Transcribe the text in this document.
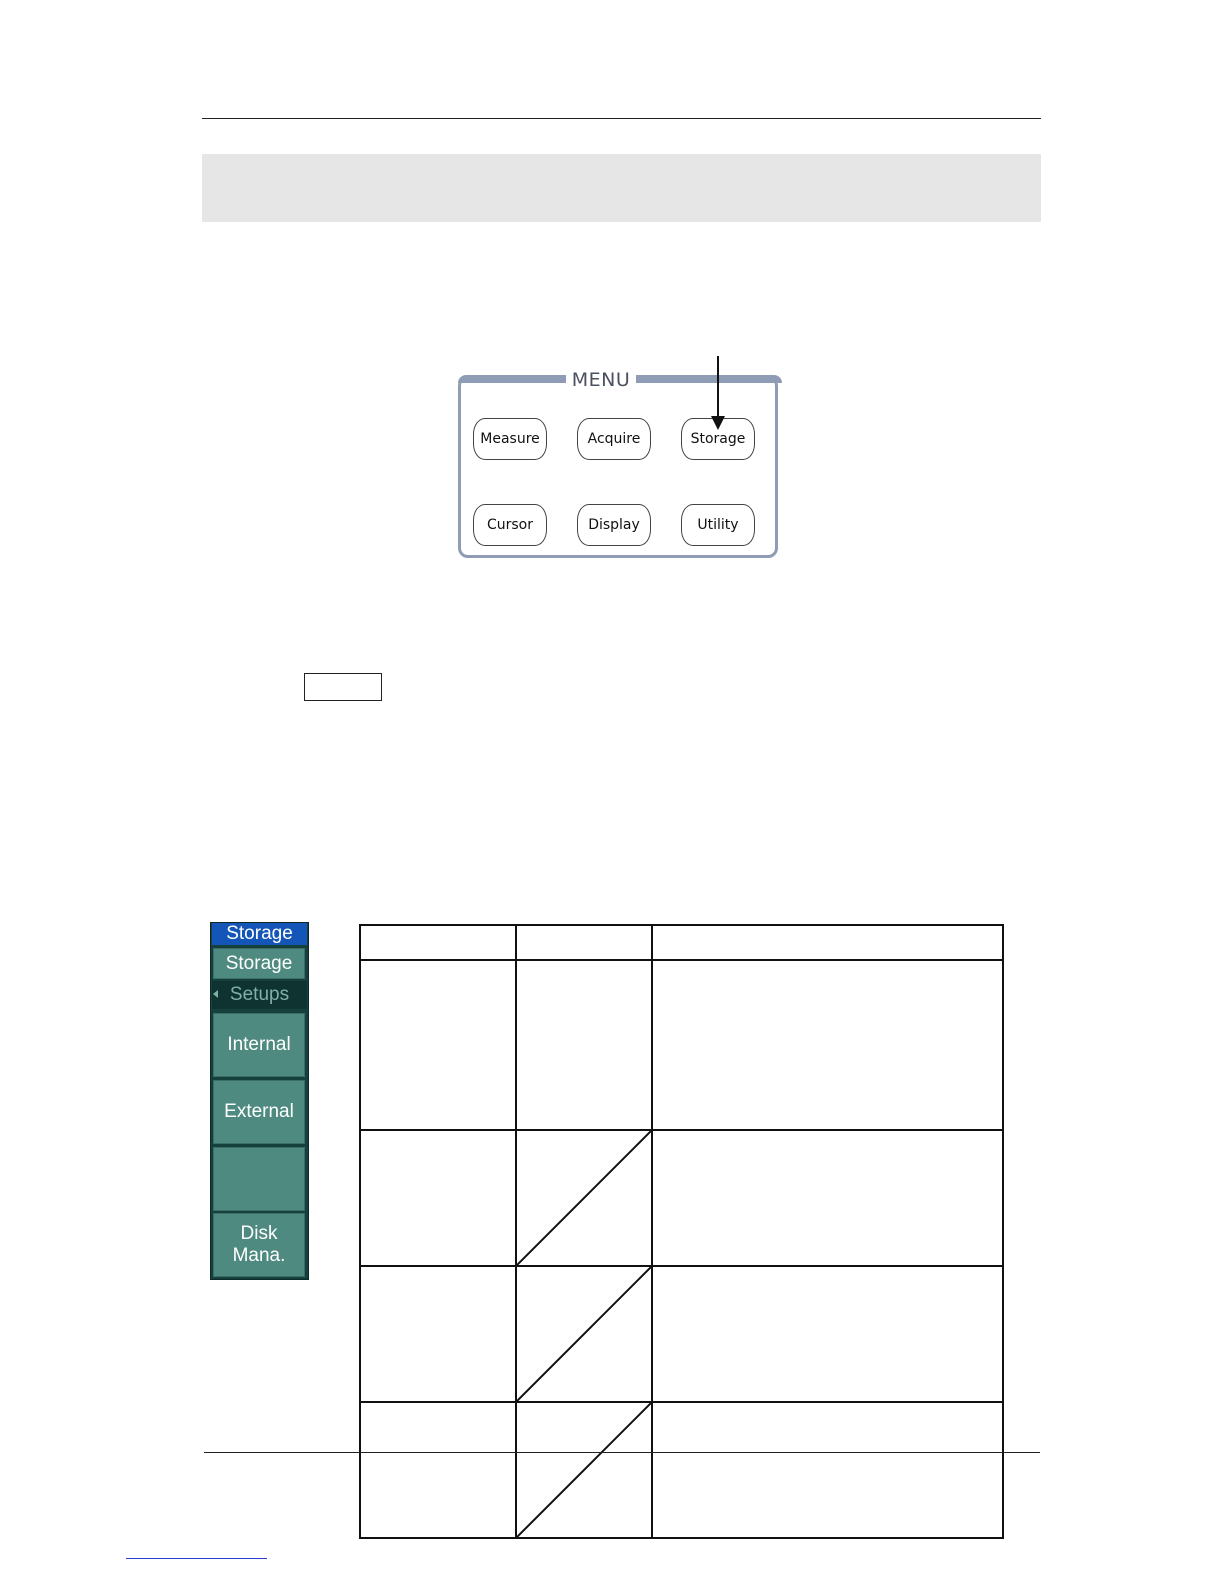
MENU
Measure	Acquire	Storage
Cursor	Display	Utility
Storage
Storage
Setups
Internal
External
Disk Mana.
